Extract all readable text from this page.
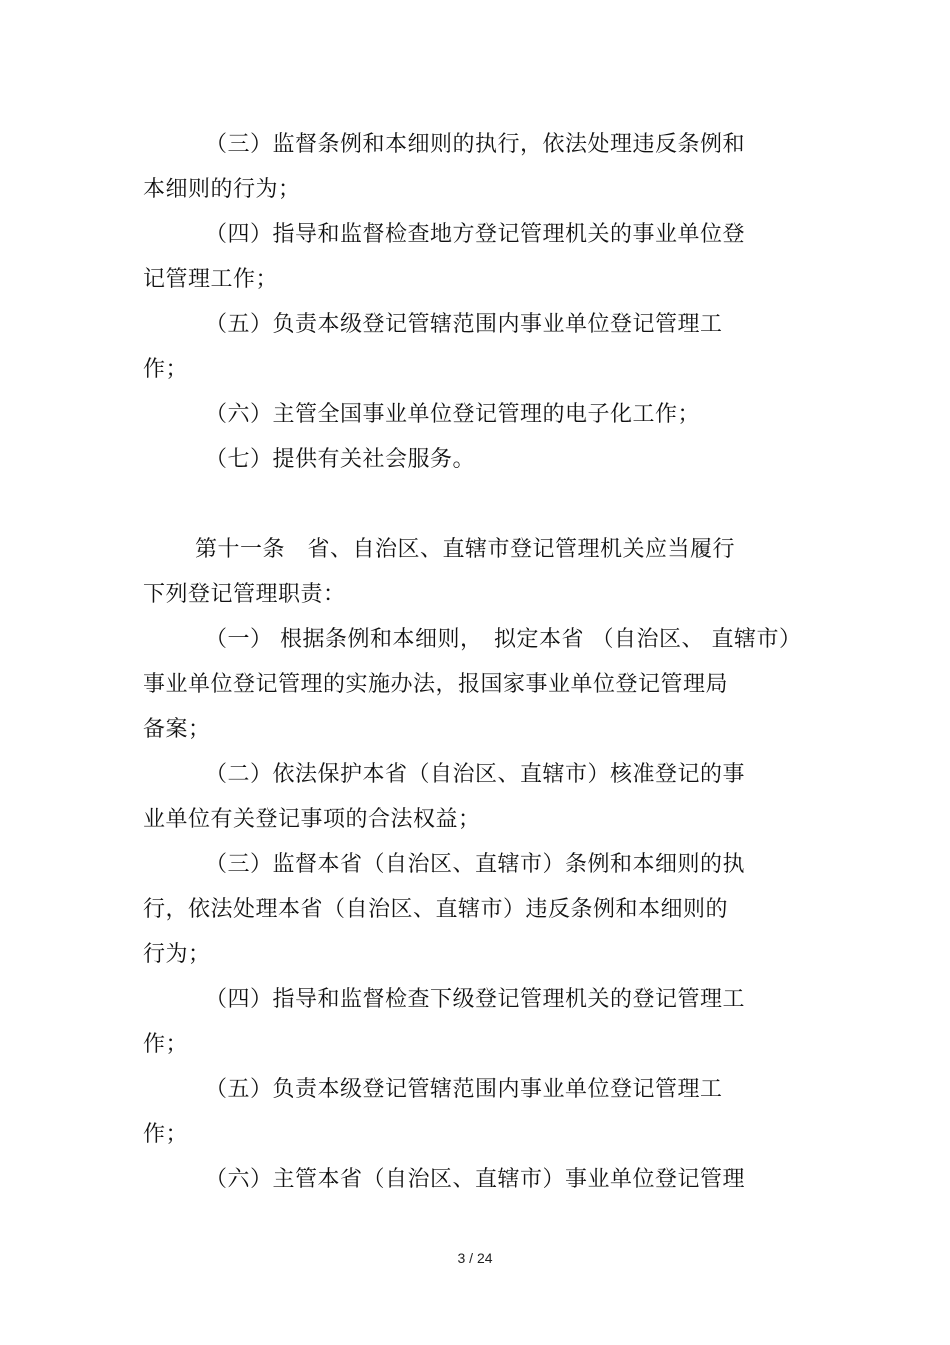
（三）监督条例和本细则的执行，依法处理违反条例和
本细则的行为；
（四）指导和监督检查地方登记管理机关的事业单位登
记管理工作；
（五）负责本级登记管辖范围内事业单位登记管理工
作；
（六）主管全国事业单位登记管理的电子化工作；
（七）提供有关社会服务。
第十一条　省、自治区、直辖市登记管理机关应当履行
下列登记管理职责：
（一） 根据条例和本细则，　拟定本省 （自治区、 直辖市）
事业单位登记管理的实施办法，报国家事业单位登记管理局
备案；
（二）依法保护本省（自治区、直辖市）核准登记的事
业单位有关登记事项的合法权益；
（三）监督本省（自治区、直辖市）条例和本细则的执
行，依法处理本省（自治区、直辖市）违反条例和本细则的
行为；
（四）指导和监督检查下级登记管理机关的登记管理工
作；
（五）负责本级登记管辖范围内事业单位登记管理工
作；
（六）主管本省（自治区、直辖市）事业单位登记管理
3 / 24
